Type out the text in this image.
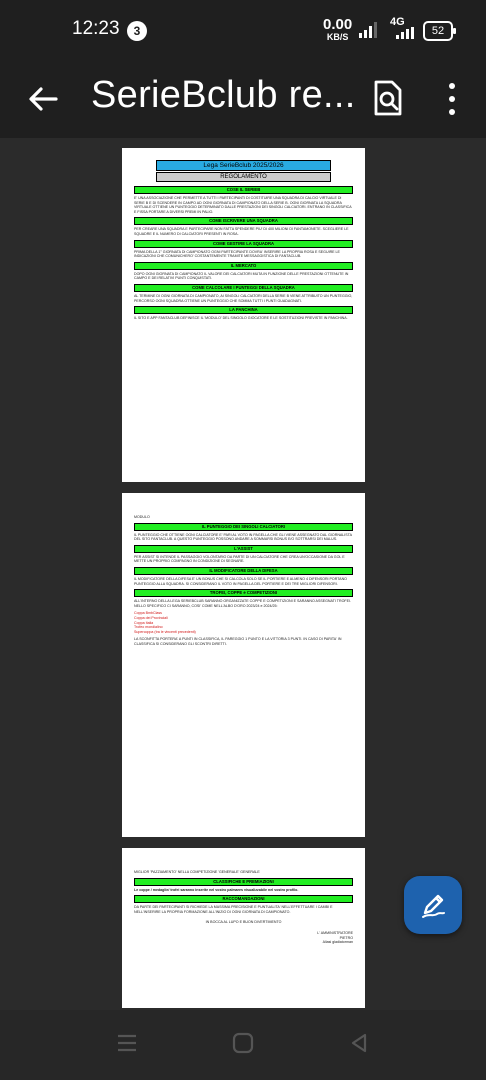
12:23	3	0.00
KB/S
4G
52
SerieBclub re...
Lega SerieBclub 2025/2026
REGOLAMENTO
COSE IL SERIEB
E' UNA ASSOCIAZIONE CHE PERMETTE A TUTTI I PARTECIPANTI DI COSTITUIRE UNA SQUADRA DI CALCIO VIRTUALE DI SERIE B E DI SCENDERE IN CAMPO AD OGNI GIORNATA DI CAMPIONATO DELLA SERIE B. OGNI GIORNATA LA SQUADRA VIRTUALE OTTIENE UN PUNTEGGIO DETERMINATO DALLE PRESTAZIONI DEI SINGOLI CALCIATORI. ENTRANO IN CLASSIFICA E FISSA PORTARE A DIVERSI PREMI IN PALIO.
COME ISCRIVERE UNA SQUADRA
PER CREARE UNA SQUADRA E PARTECIPARE NON FATTA SPENDERE PIU' DI 400 MILIONI DI FANTAMONETE. SCEGLIERE LE SQUADRE E IL NUMERO DI CALCIATORI PRESENTI IN ROSA.
COME GESTIRE LA SQUADRA
PRIMA DELLA 1° GIORNATA DI CAMPIONATO OGNI PARTECIPANTE DOVRA' INSERIRE LA PROPRIA ROSA E SEGUIRE LE INDICAZIONI CHE COMUNICHERO' COSTANTEMENTE TRAMITE MESSAGGISTICA DI FANTACLUB.
IL MERCATO
DOPO OGNI GIORNATA DI CAMPIONATO IL VALORE DEI CALCIATORI MUTA IN FUNZIONE DELLE PRESTAZIONI OTTENUTE IN CAMPO E DEI RELATIVI PUNTI CONQUISTATI.
COME CALCOLARE I PUNTEGGI DELLA SQUADRA
AL TERMINE DI OGNI GIORNATA DI CAMPIONATO, AI SINGOLI CALCIATORI DELLA SERIE B VIENE ATTRIBUITO UN PUNTEGGIO, PERCORSO OGNI SQUADRA OTTIENE UN PUNTEGGIO CHE SOMMA TUTTI I PUNTI GUADAGNATI.
LA PANCHINA
IL SITO E APP FANTACLUB DEFINISCE IL 'MODULO' DEL SINGOLO GIOCATORE E LE SOSTITUZIONI PREVISTE IN PANCHINA.
MODULO
IL PUNTEGGIO DEI SINGOLI CALCIATORI
IL PUNTEGGIO CHE OTTIENE OGNI CALCIATORE E' PARI AL VOTO IN PAGELLA CHE GLI VIENE ASSEGNATO DAL GIORNALISTA DEL SITO FANTACLUB. A QUESTO PUNTEGGIO POSSONO ANDARE A SOMMARSI BONUS E/O SOTTRARSI DEI MALUS.
L'ASSIST
PER ASSIST SI INTENDE IL PASSAGGIO VOLONTARIO DA PARTE DI UN CALCIATORE CHE CREA UN'OCCASIONE DA GOL E METTE UN PROPRIO COMPAGNO IN CONDIZIONE DI SEGNARE.
IL MODIFICATORE DELLA DIFESA
IL MODIFICATORE DELLA DIFESA E' UN BONUS CHE SI CALCOLA SOLO SE IL PORTIERE E ALMENO 4 DIFENSORI PORTANO PUNTEGGIO ALLA SQUADRA. SI CONSIDERANO IL VOTO IN PAGELLA DEL PORTIERE E DEI TRE MIGLIORI DIFENSORI.
TROFEI, COPPE e COMPETIZIONI
ALL'INTERNO DELLA LEGA SERIEBCLUB SARANNO ORGANIZZATE COPPE E COMPETIZIONI E SARANNO ASSEGNATI TROFEI. NELLO SPECIFICO CI SARANNO, COSI' COME NELL'ALBO D'ORO 2023/24 e 2024/25:
Coppa BmbClass
Coppa dei Provinciali
Coppa Italia
Trofeo mondialino
Supercoppa (tra le vincenti precedenti)
LA SCONFITTA PORTERA' A PUNTI IN CLASSIFICA, IL PAREGGIO 1 PUNTO E LA VITTORIA 3 PUNTI. IN CASO DI PARITA' IN CLASSIFICA SI CONSIDERANO GLI SCONTRI DIRETTI.
MIGLIOR 'PAZZIAMENTO' NELLA COMPETIZIONE 'GENERALE' GENERALE
CLASSIFICHE E PREMIAZIONI
Le coppe / medaglie/ trofei saranno inserite nel vostro palmares visualizzabile nel vostro profilo.
RACCOMANDAZIONI
DA PARTE DEI PARTECIPANTI SI RICHIEDE LA MASSIMA PRECISIONE E PUNTUALITA' NELL'EFFETTUARE I CAMBI E NELL'INSERIRE LA PROPRIA FORMAZIONE ALL'INIZIO DI OGNI GIORNATA DI CAMPIONATO.
IN BOCCA AL LUPO E BUON DIVERTIMENTO
L' AMMINISTRATORE
PIETRO
Aliasi gladiatorman
